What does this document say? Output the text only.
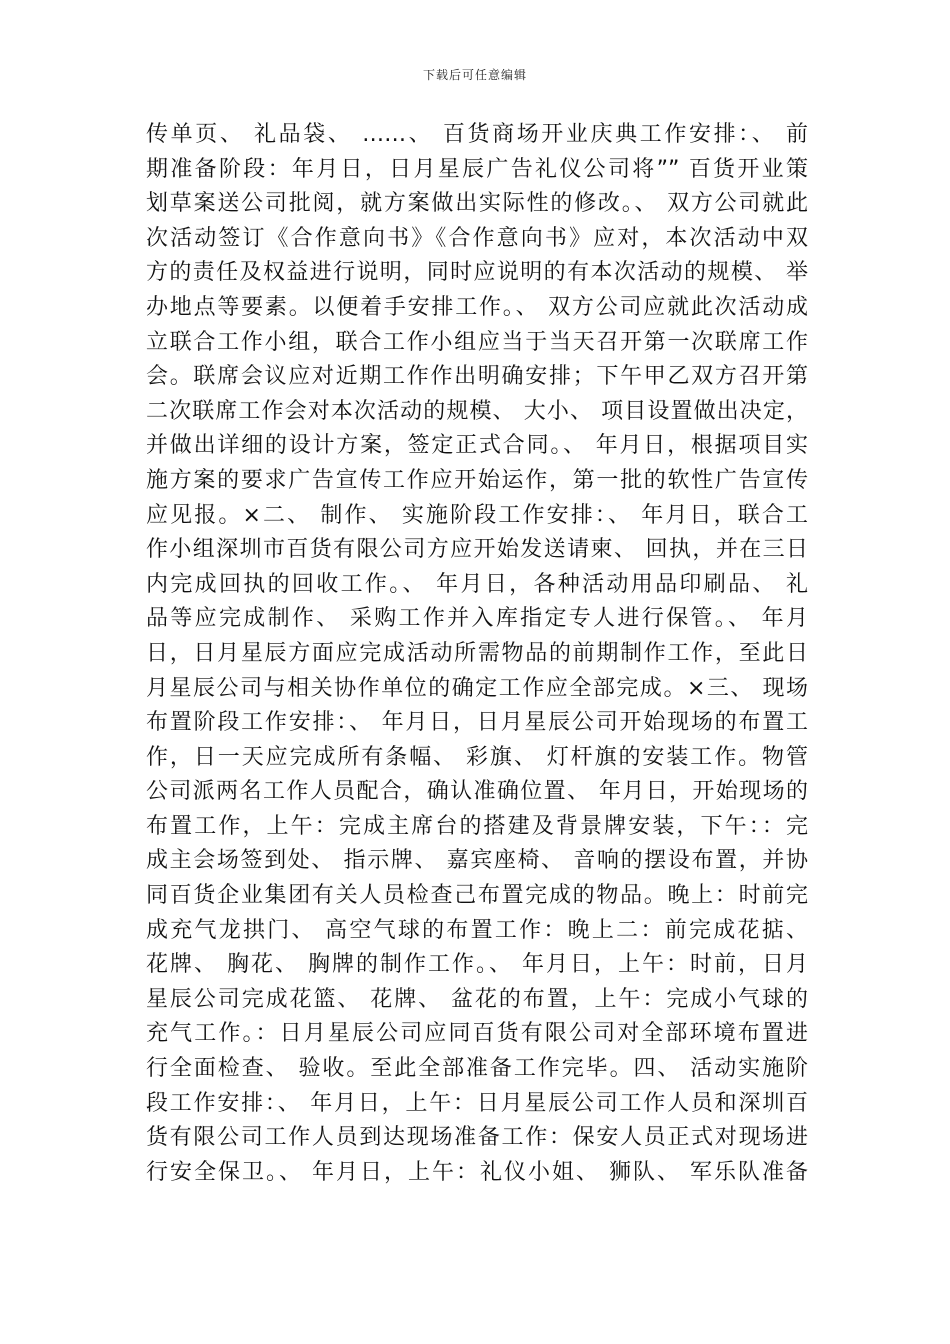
下载后可任意编辑
传单页、 礼品袋、 ……、 百货商场开业庆典工作安排：、 前
期准备阶段：年月日，日月星辰广告礼仪公司将”” 百货开业策
划草案送公司批阅，就方案做出实际性的修改。、 双方公司就此
次活动签订《合作意向书》《合作意向书》应对，本次活动中双
方的责任及权益进行说明，同时应说明的有本次活动的规模、 举
办地点等要素。以便着手安排工作。、 双方公司应就此次活动成
立联合工作小组，联合工作小组应当于当天召开第一次联席工作
会。联席会议应对近期工作作出明确安排；下午甲乙双方召开第
二次联席工作会对本次活动的规模、 大小、 项目设置做出决定，
并做出详细的设计方案，签定正式合同。、 年月日，根据项目实
施方案的要求广告宣传工作应开始运作，第一批的软性广告宣传
应见报。×二、 制作、 实施阶段工作安排：、 年月日，联合工
作小组深圳市百货有限公司方应开始发送请柬、 回执，并在三日
内完成回执的回收工作。、 年月日，各种活动用品印刷品、 礼
品等应完成制作、 采购工作并入库指定专人进行保管。、 年月
日，日月星辰方面应完成活动所需物品的前期制作工作，至此日
月星辰公司与相关协作单位的确定工作应全部完成。×三、 现场
布置阶段工作安排：、 年月日，日月星辰公司开始现场的布置工
作，日一天应完成所有条幅、 彩旗、 灯杆旗的安装工作。物管
公司派两名工作人员配合，确认准确位置、 年月日，开始现场的
布置工作，上午：完成主席台的搭建及背景牌安装，下午：：完
成主会场签到处、 指示牌、 嘉宾座椅、 音响的摆设布置，并协
同百货企业集团有关人员检查己布置完成的物品。晚上：时前完
成充气龙拱门、 高空气球的布置工作：晚上二：前完成花掂、
花牌、 胸花、 胸牌的制作工作。、 年月日，上午：时前，日月
星辰公司完成花篮、 花牌、 盆花的布置，上午：完成小气球的
充气工作。：日月星辰公司应同百货有限公司对全部环境布置进
行全面检查、 验收。至此全部准备工作完毕。四、 活动实施阶
段工作安排：、 年月日，上午：日月星辰公司工作人员和深圳百
货有限公司工作人员到达现场准备工作：保安人员正式对现场进
行安全保卫。、 年月日，上午：礼仪小姐、 狮队、 军乐队准备
